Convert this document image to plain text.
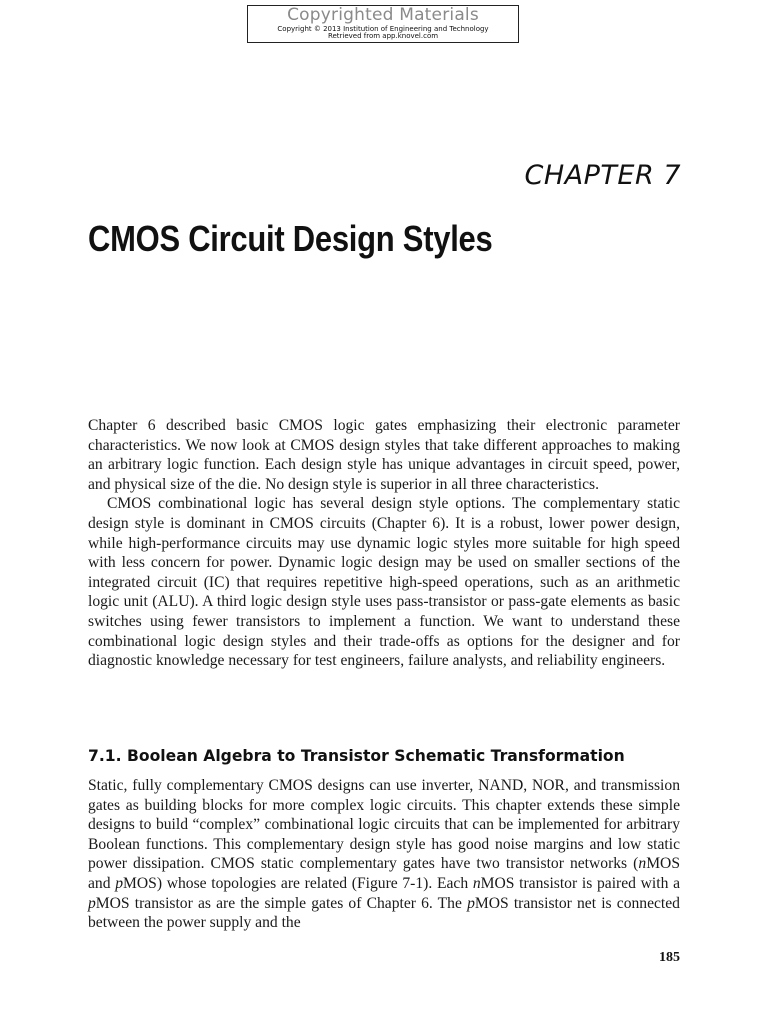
Copyrighted Materials
Copyright © 2013 Institution of Engineering and Technology
Retrieved from app.knovel.com
CHAPTER 7
CMOS Circuit Design Styles

Chapter 6 described basic CMOS logic gates emphasizing their electronic parameter characteristics. We now look at CMOS design styles that take different approaches to making an arbitrary logic function. Each design style has unique advantages in circuit speed, power, and physical size of the die. No design style is superior in all three characteristics.

CMOS combinational logic has several design style options. The complementary static design style is dominant in CMOS circuits (Chapter 6). It is a robust, lower power design, while high-performance circuits may use dynamic logic styles more suitable for high speed with less concern for power. Dynamic logic design may be used on smaller sections of the integrated circuit (IC) that requires repetitive high-speed operations, such as an arithmetic logic unit (ALU). A third logic design style uses pass-transistor or pass-gate elements as basic switches using fewer transistors to implement a function. We want to understand these combinational logic design styles and their trade-offs as options for the designer and for diagnostic knowledge necessary for test engineers, failure analysts, and reliability engineers.

7.1. Boolean Algebra to Transistor Schematic Transformation

Static, fully complementary CMOS designs can use inverter, NAND, NOR, and transmission gates as building blocks for more complex logic circuits. This chapter extends these simple designs to build “complex” combinational logic circuits that can be implemented for arbitrary Boolean functions. This complementary design style has good noise margins and low static power dissipation. CMOS static complementary gates have two transistor networks (nMOS and pMOS) whose topologies are related (Figure 7-1). Each nMOS transistor is paired with a pMOS transistor as are the simple gates of Chapter 6. The pMOS transistor net is connected between the power supply and the

185
